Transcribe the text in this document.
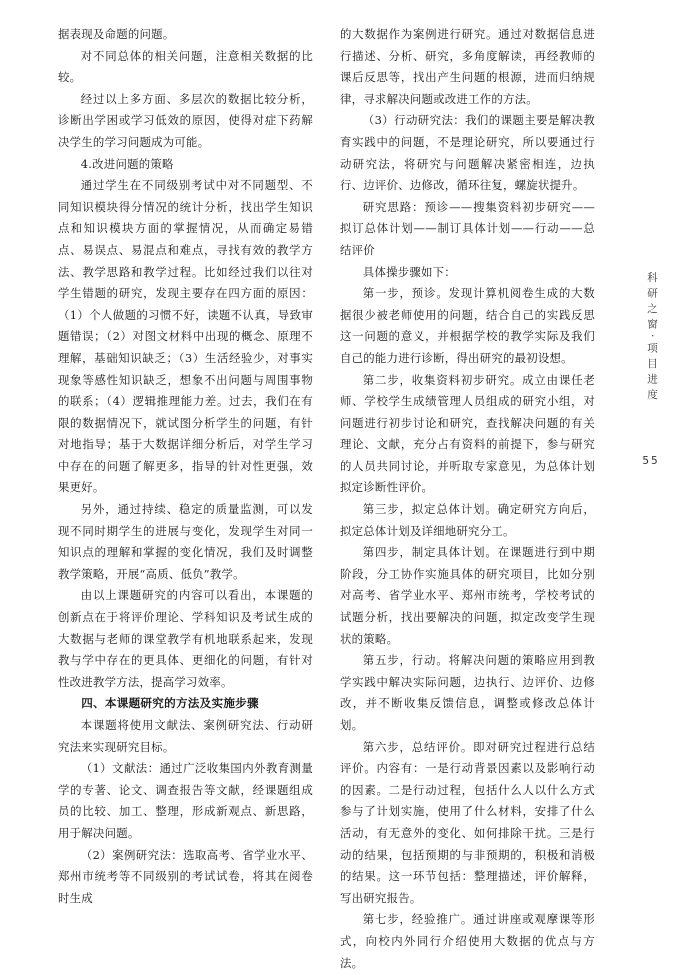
据表现及命题的问题。

对不同总体的相关问题，注意相关数据的比较。

经过以上多方面、多层次的数据比较分析，诊断出学困或学习低效的原因，使得对症下药解决学生的学习问题成为可能。

4.改进问题的策略

通过学生在不同级别考试中对不同题型、不同知识模块得分情况的统计分析，找出学生知识点和知识模块方面的掌握情况，从而确定易错点、易误点、易混点和难点，寻找有效的教学方法、教学思路和教学过程。比如经过我们以往对学生错题的研究，发现主要存在四方面的原因：（1）个人做题的习惯不好，读题不认真，导致审题错误；（2）对图文材料中出现的概念、原理不理解，基础知识缺乏；（3）生活经验少，对事实现象等感性知识缺乏，想象不出问题与周围事物的联系；（4）逻辑推理能力差。过去，我们在有限的数据情况下，就试图分析学生的问题，有针对地指导；基于大数据详细分析后，对学生学习中存在的问题了解更多，指导的针对性更强，效果更好。

另外，通过持续、稳定的质量监测，可以发现不同时期学生的进展与变化，发现学生对同一知识点的理解和掌握的变化情况，我们及时调整教学策略，开展“高质、低负”教学。

由以上课题研究的内容可以看出，本课题的创新点在于将评价理论、学科知识及考试生成的大数据与老师的课堂教学有机地联系起来，发现教与学中存在的更具体、更细化的问题，有针对性改进教学方法，提高学习效率。

四、本课题研究的方法及实施步骤

本课题将使用文献法、案例研究法、行动研究法来实现研究目标。

（1）文献法：通过广泛收集国内外教育测量学的专著、论文、调查报告等文献，经课题组成员的比较、加工、整理，形成新观点、新思路，用于解决问题。

（2）案例研究法：选取高考、省学业水平、郑州市统考等不同级别的考试试卷，将其在阅卷时生成

的大数据作为案例进行研究。通过对数据信息进行描述、分析、研究，多角度解读，再经教师的课后反思等，找出产生问题的根源，进而归纳规律，寻求解决问题或改进工作的方法。

（3）行动研究法：我们的课题主要是解决教育实践中的问题，不是理论研究，所以要通过行动研究法，将研究与问题解决紧密相连，边执行、边评价、边修改，循环往复，螺旋状提升。

研究思路：预诊——搜集资料初步研究——拟订总体计划——制订具体计划——行动——总结评价

具体操步骤如下：

第一步，预诊。发现计算机阅卷生成的大数据很少被老师使用的问题，结合自己的实践反思这一问题的意义，并根据学校的教学实际及我们自己的能力进行诊断，得出研究的最初设想。

第二步，收集资料初步研究。成立由课任老师、学校学生成绩管理人员组成的研究小组，对问题进行初步讨论和研究，查找解决问题的有关理论、文献，充分占有资料的前提下，参与研究的人员共同讨论，并听取专家意见，为总体计划拟定诊断性评价。

第三步，拟定总体计划。确定研究方向后，拟定总体计划及详细地研究分工。

第四步，制定具体计划。在课题进行到中期阶段，分工协作实施具体的研究项目，比如分别对高考、省学业水平、郑州市统考，学校考试的试题分析，找出要解决的问题，拟定改变学生现状的策略。

第五步，行动。将解决问题的策略应用到教学实践中解决实际问题，边执行、边评价、边修改，并不断收集反馈信息，调整或修改总体计划。

第六步，总结评价。即对研究过程进行总结评价。内容有：一是行动背景因素以及影响行动的因素。二是行动过程，包括什么人以什么方式参与了计划实施，使用了什么材料，安排了什么活动，有无意外的变化、如何排除干扰。三是行动的结果，包括预期的与非预期的，积极和消极的结果。这一环节包括：整理描述，评价解释，写出研究报告。

第七步，经验推广。通过讲座或观摩课等形式，向校内外同行介绍使用大数据的优点与方法。

科研之窗·项目进度
55
